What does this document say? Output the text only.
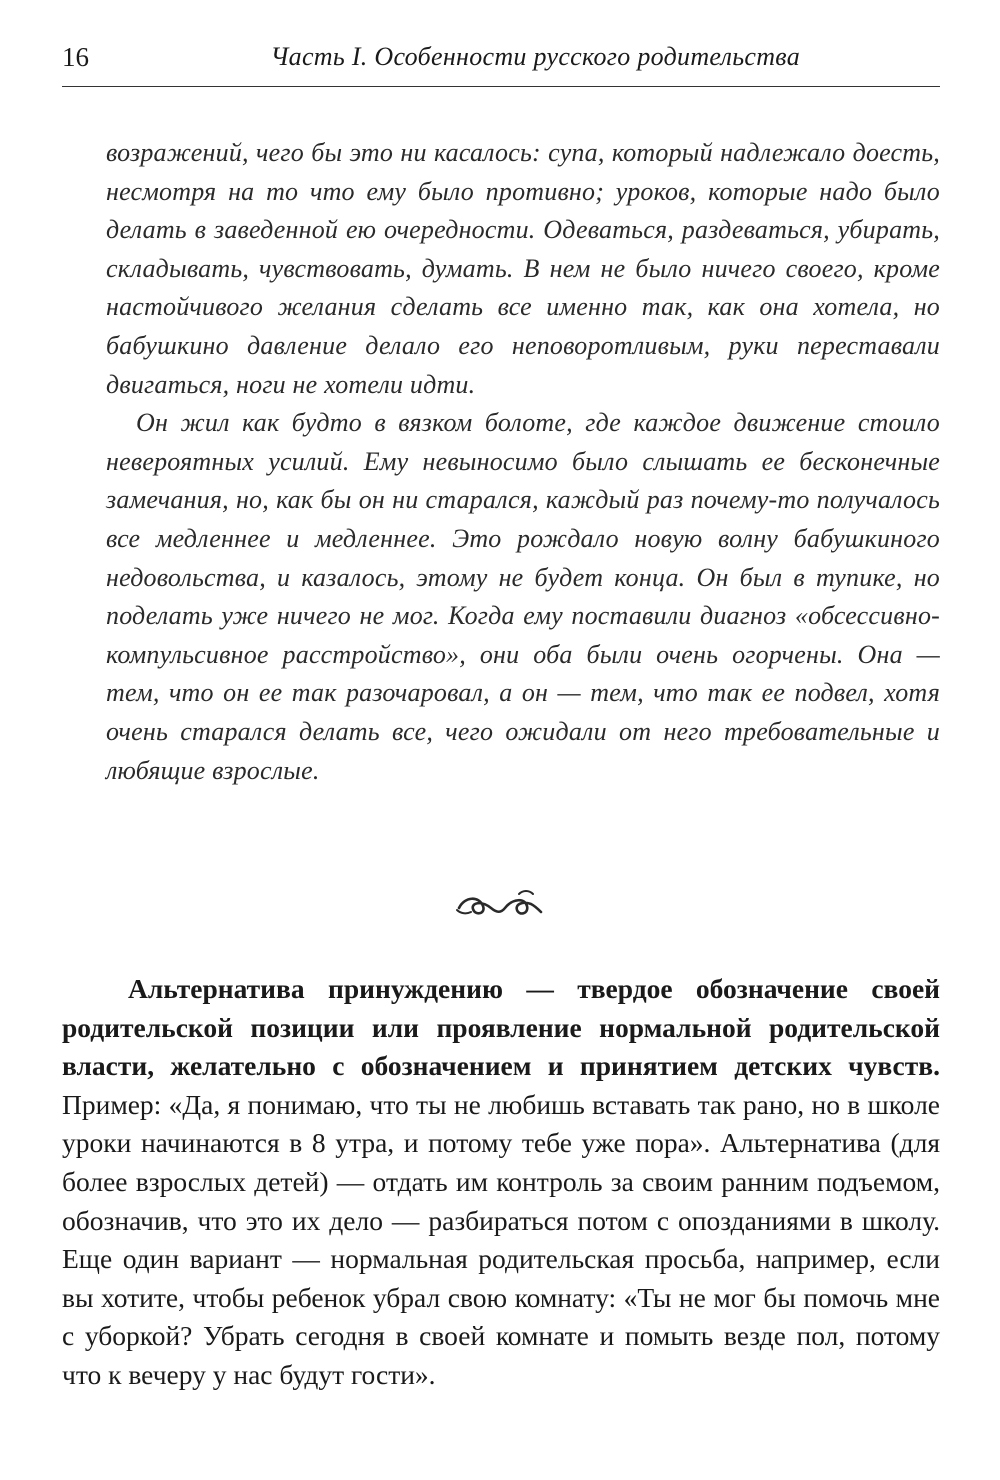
16	Часть I. Особенности русского родительства

возражений, чего бы это ни касалось: супа, который надлежало доесть, несмотря на то что ему было противно; уроков, которые надо было делать в заведенной ею очередности. Одеваться, раздеваться, убирать, складывать, чувствовать, думать. В нем не было ничего своего, кроме настойчивого желания сделать все именно так, как она хотела, но бабушкино давление делало его неповоротливым, руки переставали двигаться, ноги не хотели идти.

Он жил как будто в вязком болоте, где каждое движение стоило невероятных усилий. Ему невыносимо было слышать ее бесконечные замечания, но, как бы он ни старался, каждый раз почему-то получалось все медленнее и медленнее. Это рождало новую волну бабушкиного недовольства, и казалось, этому не будет конца. Он был в тупике, но поделать уже ничего не мог. Когда ему поставили диагноз «обсессивно-компульсивное расстройство», они оба были очень огорчены. Она — тем, что он ее так разочаровал, а он — тем, что так ее подвел, хотя очень старался делать все, чего ожидали от него требовательные и любящие взрослые.

Альтернатива принуждению — твердое обозначение своей родительской позиции или проявление нормальной родительской власти, желательно с обозначением и принятием детских чувств. Пример: «Да, я понимаю, что ты не любишь вставать так рано, но в школе уроки начинаются в 8 утра, и потому тебе уже пора». Альтернатива (для более взрослых детей) — отдать им контроль за своим ранним подъемом, обозначив, что это их дело — разбираться потом с опозданиями в школу. Еще один вариант — нормальная родительская просьба, например, если вы хотите, чтобы ребенок убрал свою комнату: «Ты не мог бы помочь мне с уборкой? Убрать сегодня в своей комнате и помыть везде пол, потому что к вечеру у нас будут гости».
